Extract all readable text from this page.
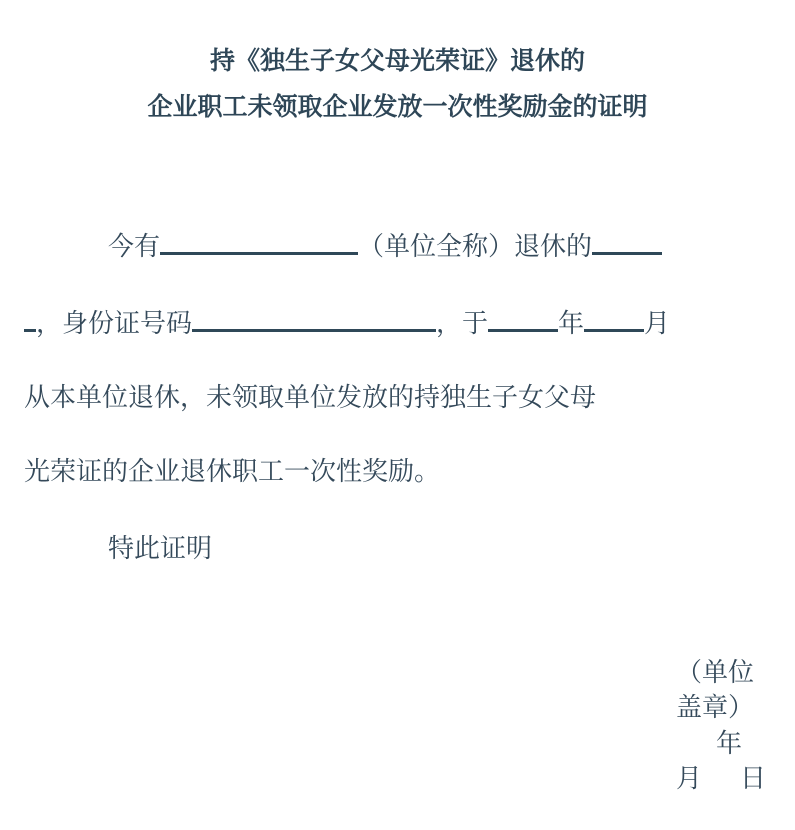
持《独生子女父母光荣证》退休的
企业职工未领取企业发放一次性奖励金的证明
今有	（单位全称）退休的
，身份证号码	，于	年 月
从本单位退休，未领取单位发放的持独生子女父母
光荣证的企业退休职工一次性奖励。
特此证明
（单位
盖章）
年
月 日
